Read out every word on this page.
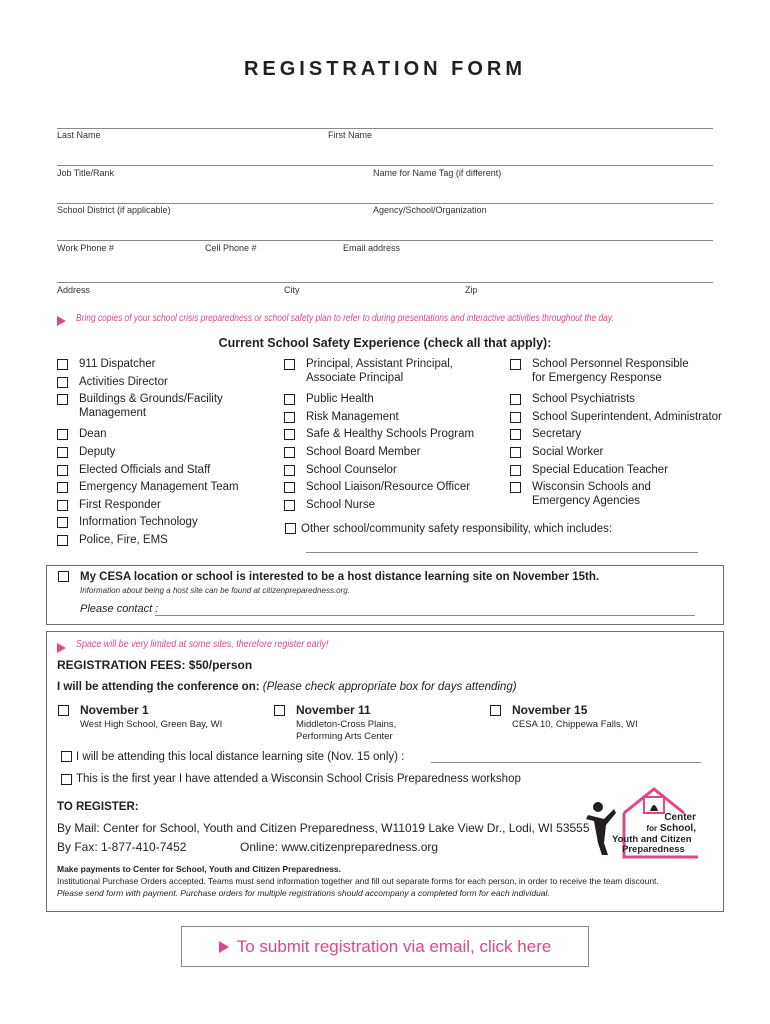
REGISTRATION FORM
Last Name	First Name
Job Title/Rank	Name for Name Tag (if different)
School District (if applicable)	Agency/School/Organization
Work Phone #	Cell Phone #	Email address
Address	City	Zip
Bring copies of your school crisis preparedness or school safety plan to refer to during presentations and interactive activities throughout the day.
Current School Safety Experience (check all that apply):
911 Dispatcher
Activities Director
Buildings & Grounds/Facility
Management
Dean
Deputy
Elected Officials and Staff
Emergency Management Team
First Responder
Information Technology
Police, Fire, EMS
Principal, Assistant Principal,
Associate Principal
Public Health
Risk Management
Safe & Healthy Schools Program
School Board Member
School Counselor
School Liaison/Resource Officer
School Nurse
School Personnel Responsible
for Emergency Response
School Psychiatrists
School Superintendent, Administrator
Secretary
Social Worker
Special Education Teacher
Wisconsin Schools and
Emergency Agencies
Other school/community safety responsibility, which includes:
My CESA location or school is interested to be a host distance learning site on November 15th.
Information about being a host site can be found at citizenpreparedness.org.
Please contact :
Space will be very limited at some sites, therefore register early!
REGISTRATION FEES: $50/person
I will be attending the conference on: (Please check appropriate box for days attending)
November 1
West High School, Green Bay, WI
November 11
Middleton-Cross Plains,
Performing Arts Center
November 15
CESA 10, Chippewa Falls, WI
I will be attending this local distance learning site (Nov. 15 only) :
This is the first year I have attended a Wisconsin School Crisis Preparedness workshop
TO REGISTER:
By Mail: Center for School, Youth and Citizen Preparedness, W11019 Lake View Dr., Lodi, WI 53555
By Fax: 1-877-410-7452	Online: www.citizenpreparedness.org
Make payments to Center for School, Youth and Citizen Preparedness.
Institutional Purchase Orders accepted. Teams must send information together and fill out separate forms for each person, in order to receive the team discount.
Please send form with payment. Purchase orders for multiple registrations should accompany a completed form for each individual.
Center
for School,
Youth and Citizen
Preparedness
To submit registration via email, click here
